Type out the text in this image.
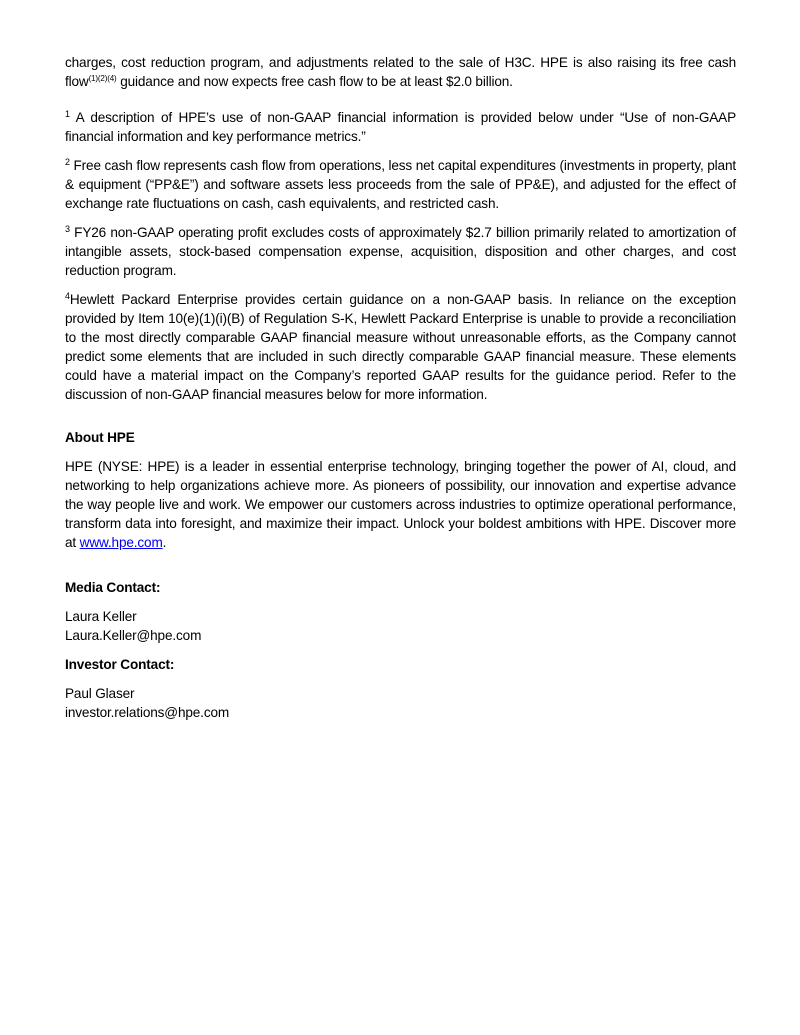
charges, cost reduction program, and adjustments related to the sale of H3C. HPE is also raising its free cash flow$^{(1)(2)(4)}$ guidance and now expects free cash flow to be at least $2.0 billion.

$^1$ A description of HPE’s use of non-GAAP financial information is provided below under “Use of non-GAAP financial information and key performance metrics.”

$^2$ Free cash flow represents cash flow from operations, less net capital expenditures (investments in property, plant & equipment (“PP&E”) and software assets less proceeds from the sale of PP&E), and adjusted for the effect of exchange rate fluctuations on cash, cash equivalents, and restricted cash.

$^3$ FY26 non-GAAP operating profit excludes costs of approximately $2.7 billion primarily related to amortization of intangible assets, stock-based compensation expense, acquisition, disposition and other charges, and cost reduction program.

$^4$Hewlett Packard Enterprise provides certain guidance on a non-GAAP basis. In reliance on the exception provided by Item 10(e)(1)(i)(B) of Regulation S-K, Hewlett Packard Enterprise is unable to provide a reconciliation to the most directly comparable GAAP financial measure without unreasonable efforts, as the Company cannot predict some elements that are included in such directly comparable GAAP financial measure. These elements could have a material impact on the Company’s reported GAAP results for the guidance period. Refer to the discussion of non-GAAP financial measures below for more information.

About HPE

HPE (NYSE: HPE) is a leader in essential enterprise technology, bringing together the power of AI, cloud, and networking to help organizations achieve more. As pioneers of possibility, our innovation and expertise advance the way people live and work. We empower our customers across industries to optimize operational performance, transform data into foresight, and maximize their impact. Unlock your boldest ambitions with HPE. Discover more at www.hpe.com.

Media Contact:
Laura Keller
Laura.Keller@hpe.com
Investor Contact:
Paul Glaser
investor.relations@hpe.com
